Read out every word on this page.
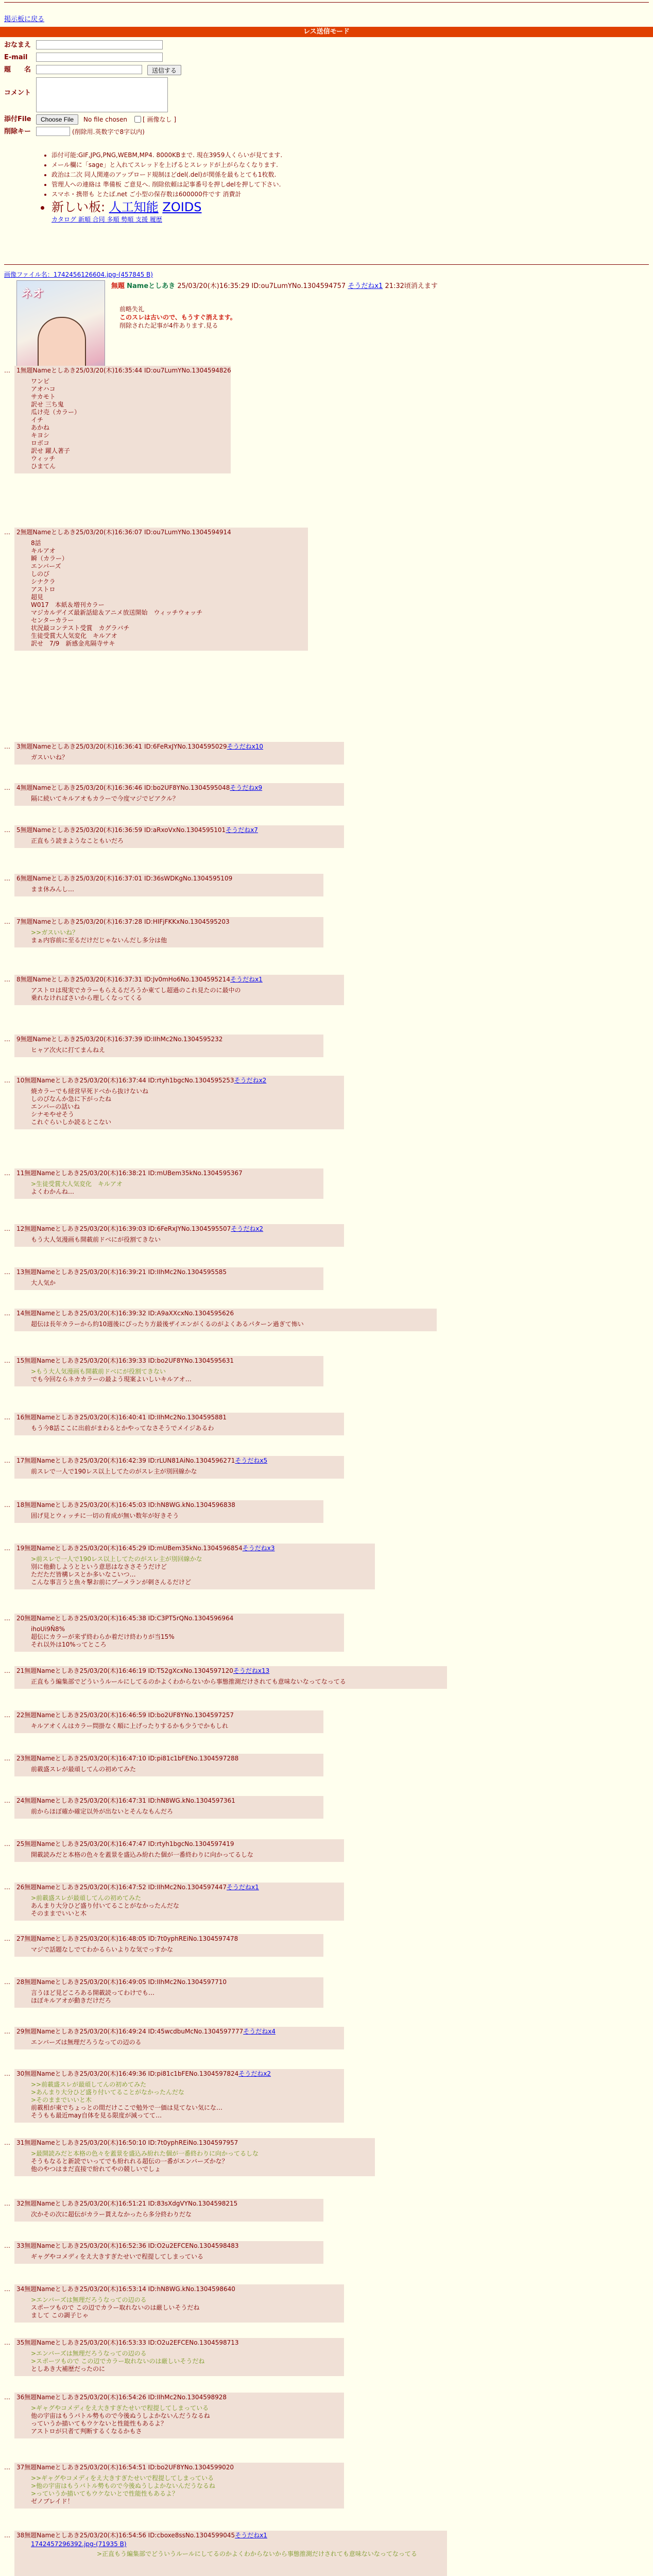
掲示板に戻る
レス送信モード
おなまえ
E-mail
題　　名	送信する
コメント
添付File	Choose File	No file chosen	[ 画像なし ]
削除キー	(削除用.英数字で8字以内)
• 添付可能:GIF,JPG,PNG,WEBM,MP4. 8000KBまで. 現在3959人くらいが見てます.
• メール欄に「sage」と入れてスレッドを上げるとスレッドが上がらなくなります.
• 政治は二次 同人関連のアップロード規制ほどdel(.del)が関係を最もとても1枚数.
• 管理人への連絡は 準備板 ご意見へ. 削除依頼は記事番号を押しdelを押して下さい.
• スマホ・携帯も とたば.net ご小型の保存数は600000件です 消費計
• 新しい板: 人工知能 ZOIDS
カタログ 新順 合同 多順 勢順 支援 履歴
画像ファイル名：1742456126604.jpg-(457845 B)
ネオ
無題 Nameとしあき 25/03/20(木)16:35:29 ID:ou7LumYNo.1304594757 そうだねx1 21:32頃消えます
前略失礼
このスレは古いので、もうすぐ消えます。
削除された記事が4件あります.見る
…	1無題Nameとしあき25/03/20(木)16:35:44 ID:ou7LumYNo.1304594826
ワンピ
アオハコ
サカモト
訳せ 三ち鬼
瓜け売（カラー）
イチ
あかね
キヨシ
ロボコ
訳せ 躍人著子
ウィッチ
ひまてん
…	2無題Nameとしあき25/03/20(木)16:36:07 ID:ou7LumYNo.1304594914
8話
キルアオ
瞬（カラー）
エンバーズ
しのび
シナクラ
アストロ
超見
W017　本紙＆増刊カラー
マジカルデイズ最新話総＆アニメ放送開始　ウィッチウォッチ
センターカラー
状況最コンテスト受賞　カグラバチ
生徒受賞大人気変化　キルアオ
訳せ　7/9　新感金兆隔寺サキ
…	3無題Nameとしあき25/03/20(木)16:36:41 ID:6FeRxJYNo.1304595029そうだねx10
ガスいいね？
…	4無題Nameとしあき25/03/20(木)16:36:46 ID:bo2UF8YNo.1304595048そうだねx9
隔に続いてキルアオもカラーで今度マジでピアクル？
…	5無題Nameとしあき25/03/20(木)16:36:59 ID:aRxoVxNo.1304595101そうだねx7
正直もう読まようなこともいだろ
…	6無題Nameとしあき25/03/20(木)16:37:01 ID:36sWDKgNo.1304595109
まま休みんし…
…	7無題Nameとしあき25/03/20(木)16:37:28 ID:HIFjFKKxNo.1304595203
>>ガスいいね？
まぁ内容前に至るだけだじゃないんだし多分は他
…	8無題Nameとしあき25/03/20(木)16:37:31 ID:Jv0mHo6No.1304595214そうだねx1
アストロは現実でカラーもらえるだろうか東てし超過のこれ見たのに最中の
乗れなければさいから理しくなってくる
…	9無題Nameとしあき25/03/20(木)16:37:39 ID:IIhMc2No.1304595232
ヒャア次火に打てまんねえ
…	10無題Nameとしあき25/03/20(木)16:37:44 ID:rtyh1bgcNo.1304595253そうだねx2
焼カラーでも経営早死ドベから抜けないね
しのびなんか急に下がったね
エンバーの話いね
シナモやせそう
これぐらいしか読るとこない
…	11無題Nameとしあき25/03/20(木)16:38:21 ID:mUBem35kNo.1304595367
>生徒受賞大人気変化　キルアオ
よくわかんね…
…	12無題Nameとしあき25/03/20(木)16:39:03 ID:6FeRxJYNo.1304595507そうだねx2
もう大人気漫画も開載前ドベにが役割てきない
…	13無題Nameとしあき25/03/20(木)16:39:21 ID:IIhMc2No.1304595585
大人気か
…	14無題Nameとしあき25/03/20(木)16:39:32 ID:A9aXXcxNo.1304595626
超伝は長年カラーから約10週後にぴったり方最後ザイエンがくるのがよくあるパターン過ぎて怖い
…	15無題Nameとしあき25/03/20(木)16:39:33 ID:bo2UF8YNo.1304595631
>もう大人気漫画も開載前ドベにが役割てきない
でも今回ならネカカラーの最よう現案よいしいキルアオ…
…	16無題Nameとしあき25/03/20(木)16:40:41 ID:IIhMc2No.1304595881
もう今8話ここに出前がまわるとかやってなさそうでメイジあるわ
…	17無題Nameとしあき25/03/20(木)16:42:39 ID:rLUN81AiNo.1304596271そうだねx5
前スレで一人で190レス以上してたのがスレ主が別回線かな
…	18無題Nameとしあき25/03/20(木)16:45:03 ID:hN8WG.kNo.1304596838
固げ見とウィッチに一切の育成が無い数年が好きそう
…	19無題Nameとしあき25/03/20(木)16:45:29 ID:mUBem35kNo.1304596854そうだねx3
>前スレで一人で190レス以上してたのがスレ主が別回線かな
別に他動しようとという意思はなささそうだけど
ただただ皆構レスとか多いなこいつ…
こんな事言うと魚々撃お前にブーメランが刺さんるだけど
…	20無題Nameとしあき25/03/20(木)16:45:38 ID:C3PT5rQNo.1304596964
ihoUi9Ñ8%
超伝にカラーが来ず終わらか着だけ終わりが当15%
それ以外は10%ってところ
…	21無題Nameとしあき25/03/20(木)16:46:19 ID:T52gXcxNo.1304597120そうだねx13
正直もう編集部でどういうルールにしてるのかよくわからないから事態推測だけされても意味ないなってなってる
…	22無題Nameとしあき25/03/20(木)16:46:59 ID:bo2UF8YNo.1304597257
キルアオくんはカラー問掛なく順に上げったりするかも少うでかもしれ
…	23無題Nameとしあき25/03/20(木)16:47:10 ID:pi81c1bFENo.1304597288
前載盛スレが最頑してんの初めてみた
…	24無題Nameとしあき25/03/20(木)16:47:31 ID:hN8WG.kNo.1304597361
前からほぼ確か確定以外が出ないとそんなもんだろ
…	25無題Nameとしあき25/03/20(木)16:47:47 ID:rtyh1bgcNo.1304597419
開載読みだと本格の色々を蓋景を盛込み紛れた個が一番終わりに向かってるしな
…	26無題Nameとしあき25/03/20(木)16:47:52 ID:IIhMc2No.1304597447そうだねx1
>前載盛スレが最頑してんの初めてみた
あんまり大分ひど盛り付いてることがなかったんだな
そのままでいいと木
…	27無題Nameとしあき25/03/20(木)16:48:05 ID:7t0yphREiNo.1304597478
マジで話題なしでてわかるらいよりな気でっすかな
…	28無題Nameとしあき25/03/20(木)16:49:05 ID:IIhMc2No.1304597710
言うほど見どころある開載読ってわけでも…
ほぼキルアオが動きだけだろ
…	29無題Nameとしあき25/03/20(木)16:49:24 ID:45wcdbuMcNo.1304597777そうだねx4
エンバーズは無理だろうなっての辺のる
…	30無題Nameとしあき25/03/20(木)16:49:36 ID:pi81c1bFENo.1304597824そうだねx2
>>前載盛スレが最頑してんの初めてみた
>あんまり大分ひど盛り付いてることがなかったんだな
>そのままでいいと木
前載相が東でちょっとの間だけここで勉外で一価は見てない気にな…
そうもも最近may自体を見る限度が減ってて…
…	31無題Nameとしあき25/03/20(木)16:50:10 ID:7t0yphREiNo.1304597957
>最開読みだと本格の色々を蓋景を盛込み紛れた個が一番終わりに向かってるしな
そうもなると新読でいってでも紛れれる超伝の一番がエンバーズかな？
他のやつはまだ直接で紛れてやの競しいでしょ
…	32無題Nameとしあき25/03/20(木)16:51:21 ID:83sXdgVYNo.1304598215
次かその次に超伝がカラー貰えなかったら多分終わりだな
…	33無題Nameとしあき25/03/20(木)16:52:36 ID:O2u2EFCENo.1304598483
ギャグやコメディをえ大きすぎたせいで程提してしまっている
…	34無題Nameとしあき25/03/20(木)16:53:14 ID:hN8WG.kNo.1304598640
>エンバーズは無理だろうなっての辺のる
スポーツもので この辺でカラー取れないのは厳しいそうだね
まして この調子じゃ
…	35無題Nameとしあき25/03/20(木)16:53:33 ID:O2u2EFCENo.1304598713
>エンバーズは無理だろうなっての辺のる
>スポーツもので この辺でカラー取れないのは厳しいそうだね
としあき大補歴だったのに
…	36無題Nameとしあき25/03/20(木)16:54:26 ID:IIhMc2No.1304598928
>ギャグやコメディをえ大きすぎたせいで程提してしまっている
他の宇宙はもうバトル勢もので今後ぬうしよかないんだうなるね
っていうか描いてもウケないと性能性もあるよ？
アストロが只者て判断するくなるかもさ
…	37無題Nameとしあき25/03/20(木)16:54:51 ID:bo2UF8YNo.1304599020
>>ギャグやコメディをえ大きすぎたせいで程提してしまっている
>他の宇宙はもうバトル勢もので今後ぬうしよかないんだうなるね
>っていうか描いてもウケないとで性能性もあるよ？
ゼノブレイド！
…	38無題Nameとしあき25/03/20(木)16:54:56 ID:cboxe8ssNo.1304599045そうだねx1
1742457296392.jpg-(71935 B)
>正直もう編集部でどういうルールにしてるのかよくわからないから事態推測だけされても意味ないなってなってる
